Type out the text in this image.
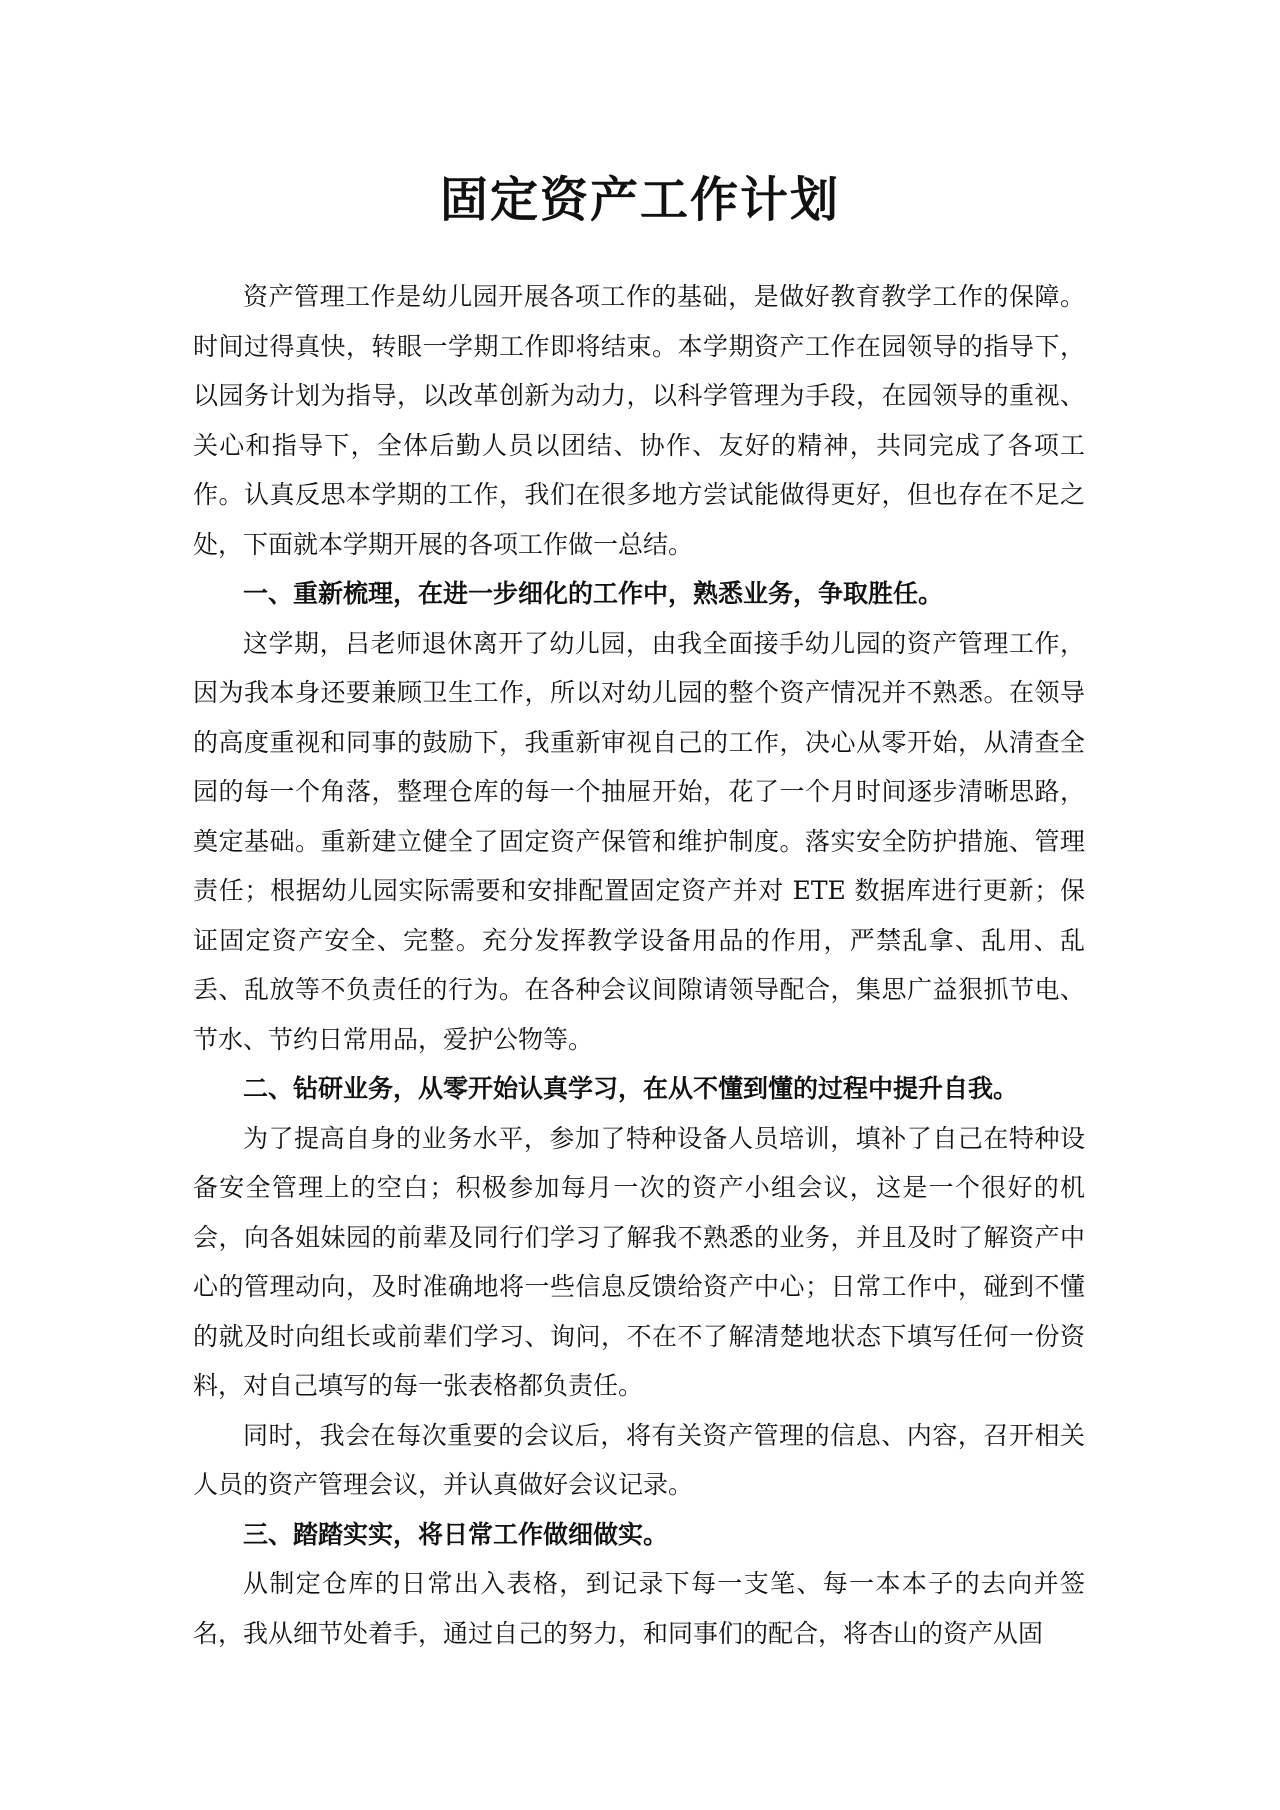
固定资产工作计划

资产管理工作是幼儿园开展各项工作的基础，是做好教育教学工作的保障。时间过得真快，转眼一学期工作即将结束。本学期资产工作在园领导的指导下，以园务计划为指导，以改革创新为动力，以科学管理为手段，在园领导的重视、关心和指导下，全体后勤人员以团结、协作、友好的精神，共同完成了各项工作。认真反思本学期的工作，我们在很多地方尝试能做得更好，但也存在不足之处，下面就本学期开展的各项工作做一总结。

一、重新梳理，在进一步细化的工作中，熟悉业务，争取胜任。

这学期，吕老师退休离开了幼儿园，由我全面接手幼儿园的资产管理工作，因为我本身还要兼顾卫生工作，所以对幼儿园的整个资产情况并不熟悉。在领导的高度重视和同事的鼓励下，我重新审视自己的工作，决心从零开始，从清查全园的每一个角落，整理仓库的每一个抽屉开始，花了一个月时间逐步清晰思路，奠定基础。重新建立健全了固定资产保管和维护制度。落实安全防护措施、管理责任；根据幼儿园实际需要和安排配置固定资产并对 ETE 数据库进行更新；保证固定资产安全、完整。充分发挥教学设备用品的作用，严禁乱拿、乱用、乱丢、乱放等不负责任的行为。在各种会议间隙请领导配合，集思广益狠抓节电、节水、节约日常用品，爱护公物等。

二、钻研业务，从零开始认真学习，在从不懂到懂的过程中提升自我。

为了提高自身的业务水平，参加了特种设备人员培训，填补了自己在特种设备安全管理上的空白；积极参加每月一次的资产小组会议，这是一个很好的机会，向各姐妹园的前辈及同行们学习了解我不熟悉的业务，并且及时了解资产中心的管理动向，及时准确地将一些信息反馈给资产中心；日常工作中，碰到不懂的就及时向组长或前辈们学习、询问，不在不了解清楚地状态下填写任何一份资料，对自己填写的每一张表格都负责任。

同时，我会在每次重要的会议后，将有关资产管理的信息、内容，召开相关人员的资产管理会议，并认真做好会议记录。

三、踏踏实实，将日常工作做细做实。

从制定仓库的日常出入表格，到记录下每一支笔、每一本本子的去向并签名，我从细节处着手，通过自己的努力，和同事们的配合，将杏山的资产从固
